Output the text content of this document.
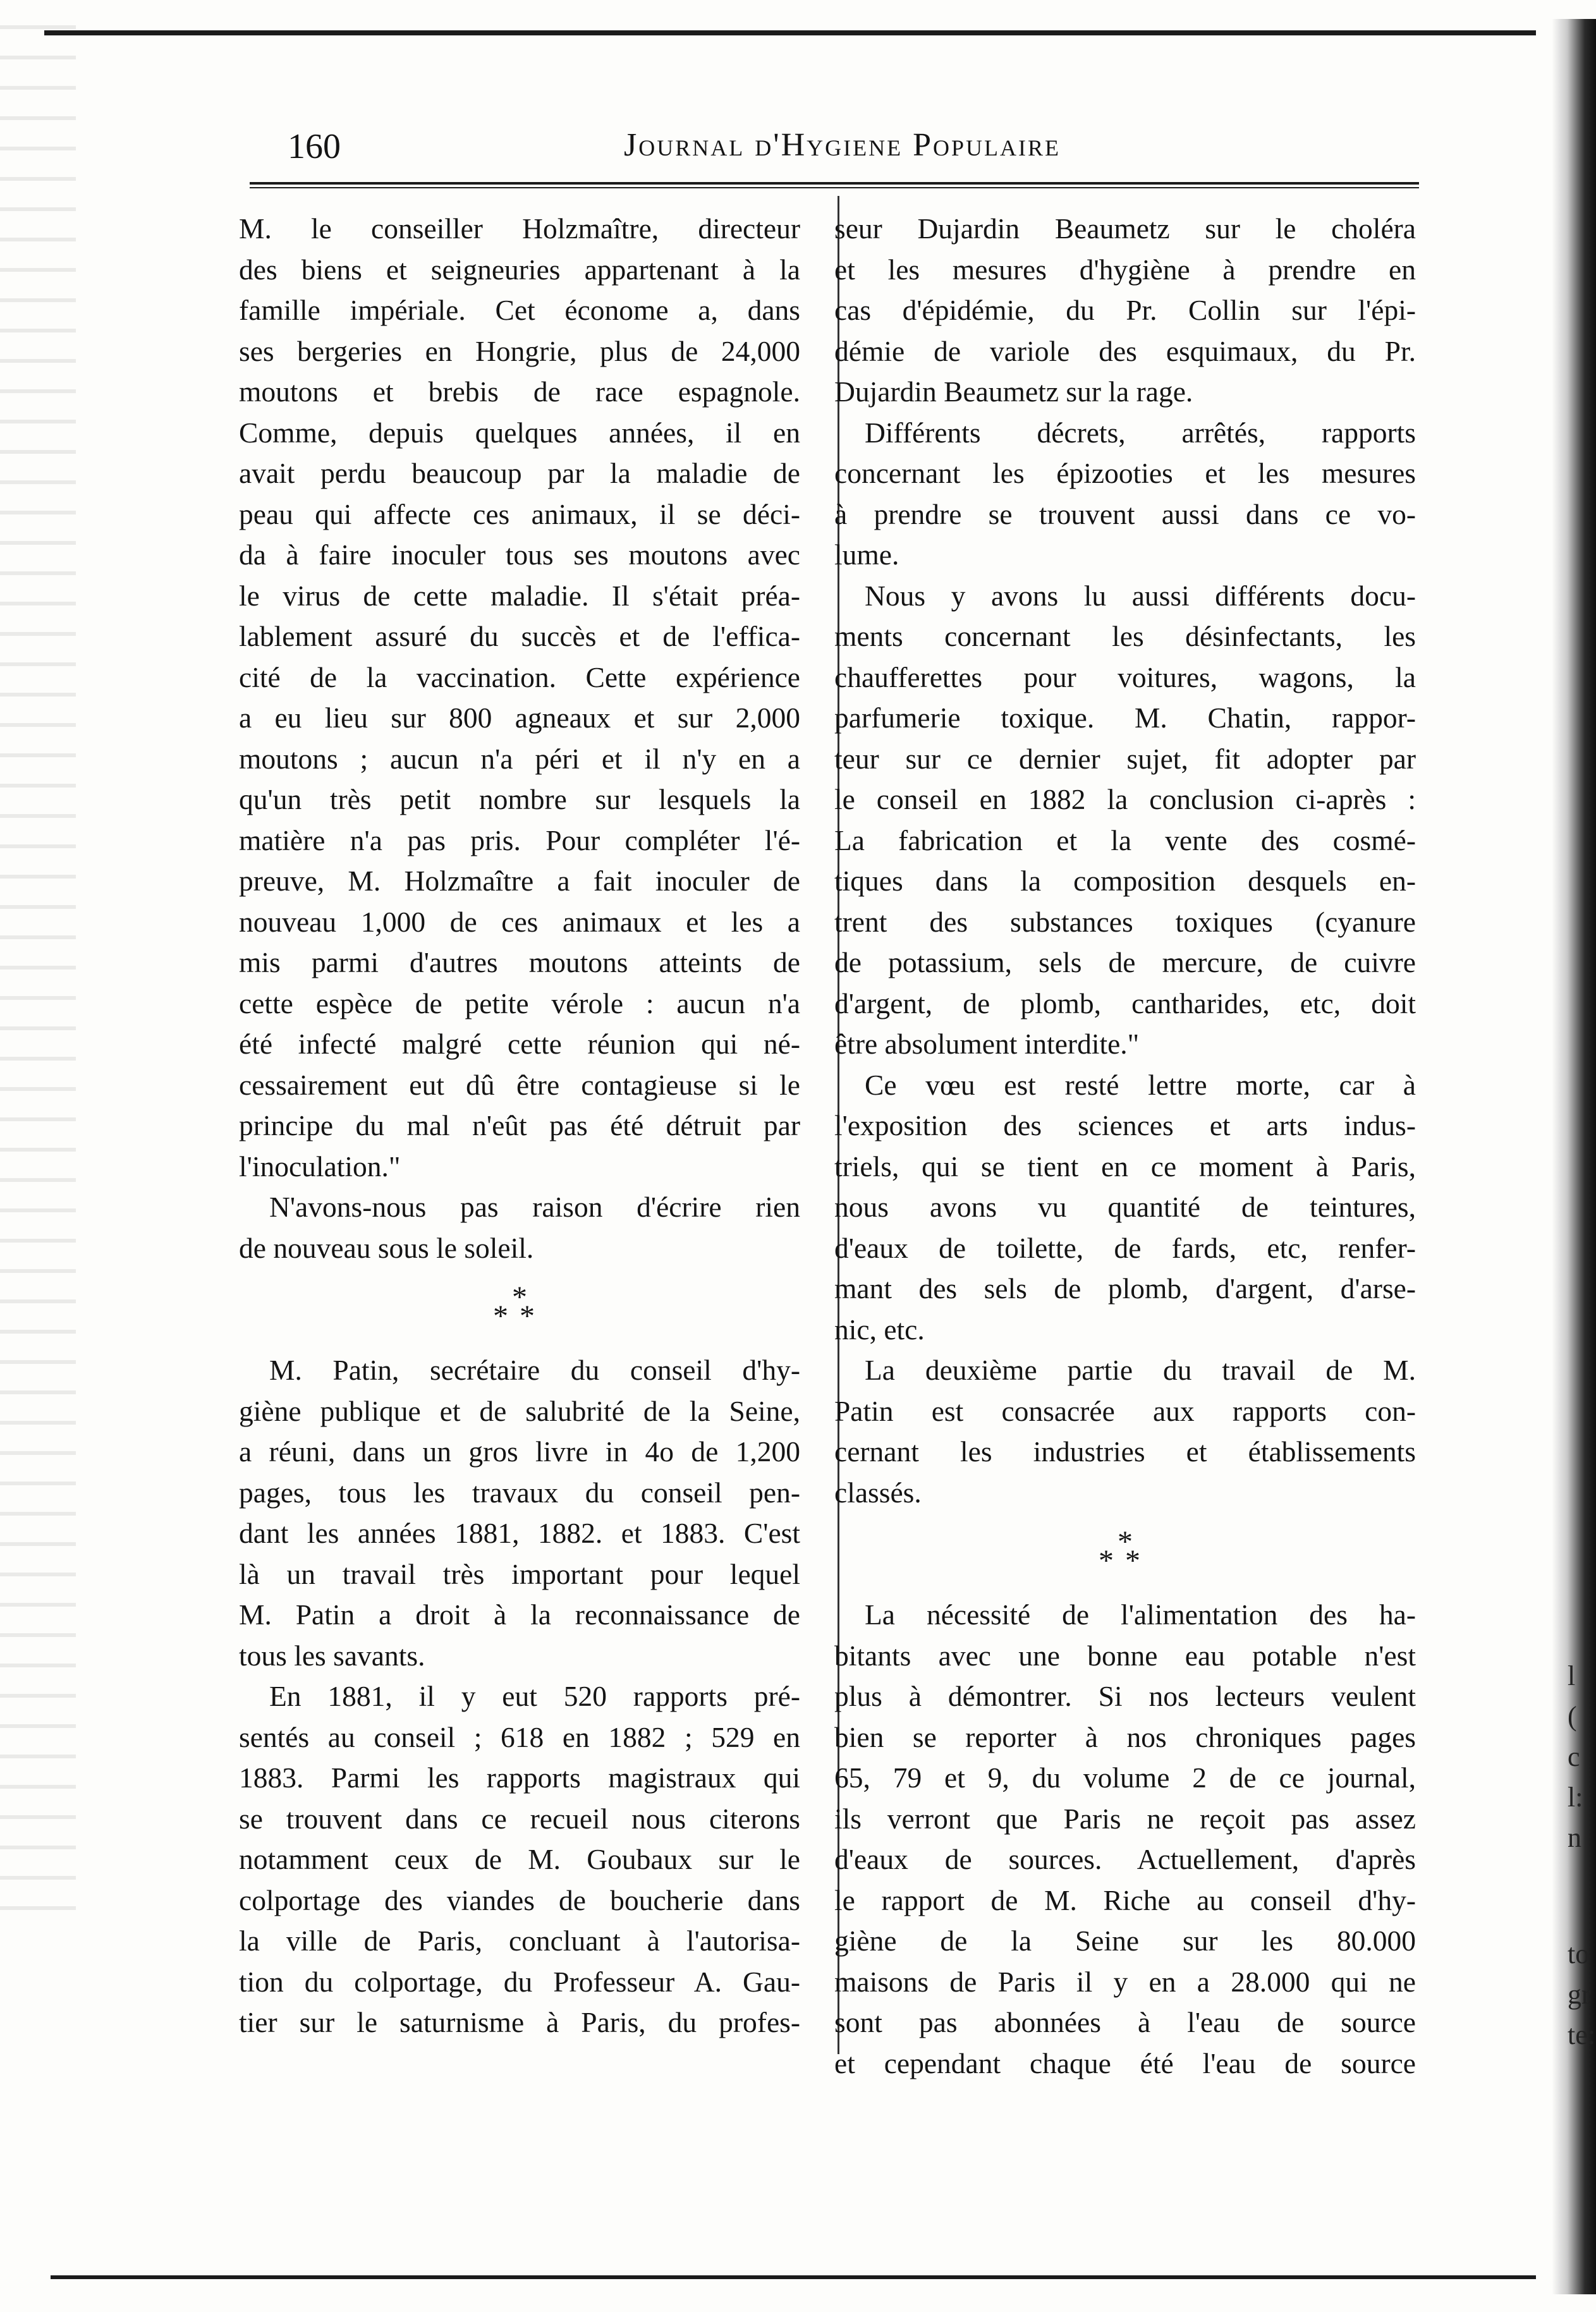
160	Journal d'Hygiene Populaire
M. le conseiller Holzmaître, directeur
des biens et seigneuries appartenant à la
famille impériale. Cet économe a, dans
ses bergeries en Hongrie, plus de 24,000
moutons et brebis de race espagnole.
Comme, depuis quelques années, il en
avait perdu beaucoup par la maladie de
peau qui affecte ces animaux, il se déci-
da à faire inoculer tous ses moutons avec
le virus de cette maladie. Il s'était préa-
lablement assuré du succès et de l'effica-
cité de la vaccination. Cette expérience
a eu lieu sur 800 agneaux et sur 2,000
moutons ; aucun n'a péri et il n'y en a
qu'un très petit nombre sur lesquels la
matière n'a pas pris. Pour compléter l'é-
preuve, M. Holzmaître a fait inoculer de
nouveau 1,000 de ces animaux et les a
mis parmi d'autres moutons atteints de
cette espèce de petite vérole : aucun n'a
été infecté malgré cette réunion qui né-
cessairement eut dû être contagieuse si le
principe du mal n'eût pas été détruit par
l'inoculation."
N'avons-nous pas raison d'écrire rien
de nouveau sous le soleil.
*
**
M. Patin, secrétaire du conseil d'hy-
giène publique et de salubrité de la Seine,
a réuni, dans un gros livre in 4o de 1,200
pages, tous les travaux du conseil pen-
dant les années 1881, 1882. et 1883. C'est
là un travail très important pour lequel
M. Patin a droit à la reconnaissance de
tous les savants.
En 1881, il y eut 520 rapports pré-
sentés au conseil ; 618 en 1882 ; 529 en
1883. Parmi les rapports magistraux qui
se trouvent dans ce recueil nous citerons
notamment ceux de M. Goubaux sur le
colportage des viandes de boucherie dans
la ville de Paris, concluant à l'autorisa-
tion du colportage, du Professeur A. Gau-
tier sur le saturnisme à Paris, du profes-
seur Dujardin Beaumetz sur le choléra
et les mesures d'hygiène à prendre en
cas d'épidémie, du Pr. Collin sur l'épi-
démie de variole des esquimaux, du Pr.
Dujardin Beaumetz sur la rage.
Différents décrets, arrêtés, rapports
concernant les épizooties et les mesures
à prendre se trouvent aussi dans ce vo-
lume.
Nous y avons lu aussi différents docu-
ments concernant les désinfectants, les
chaufferettes pour voitures, wagons, la
parfumerie toxique. M. Chatin, rappor-
teur sur ce dernier sujet, fit adopter par
le conseil en 1882 la conclusion ci-après :
La fabrication et la vente des cosmé-
tiques dans la composition desquels en-
trent des substances toxiques (cyanure
de potassium, sels de mercure, de cuivre
d'argent, de plomb, cantharides, etc, doit
être absolument interdite."
Ce vœu est resté lettre morte, car à
l'exposition des sciences et arts indus-
triels, qui se tient en ce moment à Paris,
nous avons vu quantité de teintures,
d'eaux de toilette, de fards, etc, renfer-
mant des sels de plomb, d'argent, d'arse-
nic, etc.
La deuxième partie du travail de M.
Patin est consacrée aux rapports con-
cernant les industries et établissements
classés.
*
**
La nécessité de l'alimentation des ha-
bitants avec une bonne eau potable n'est
plus à démontrer. Si nos lecteurs veulent
bien se reporter à nos chroniques pages
65, 79 et 9, du volume 2 de ce journal,
ils verront que Paris ne reçoit pas assez
d'eaux de sources. Actuellement, d'après
le rapport de M. Riche au conseil d'hy-
giène de la Seine sur les 80.000
maisons de Paris il y en a 28.000 qui ne
sont pas abonnées à l'eau de source
et cependant chaque été l'eau de source
l
(
c
l:
n
to
gr
te:
